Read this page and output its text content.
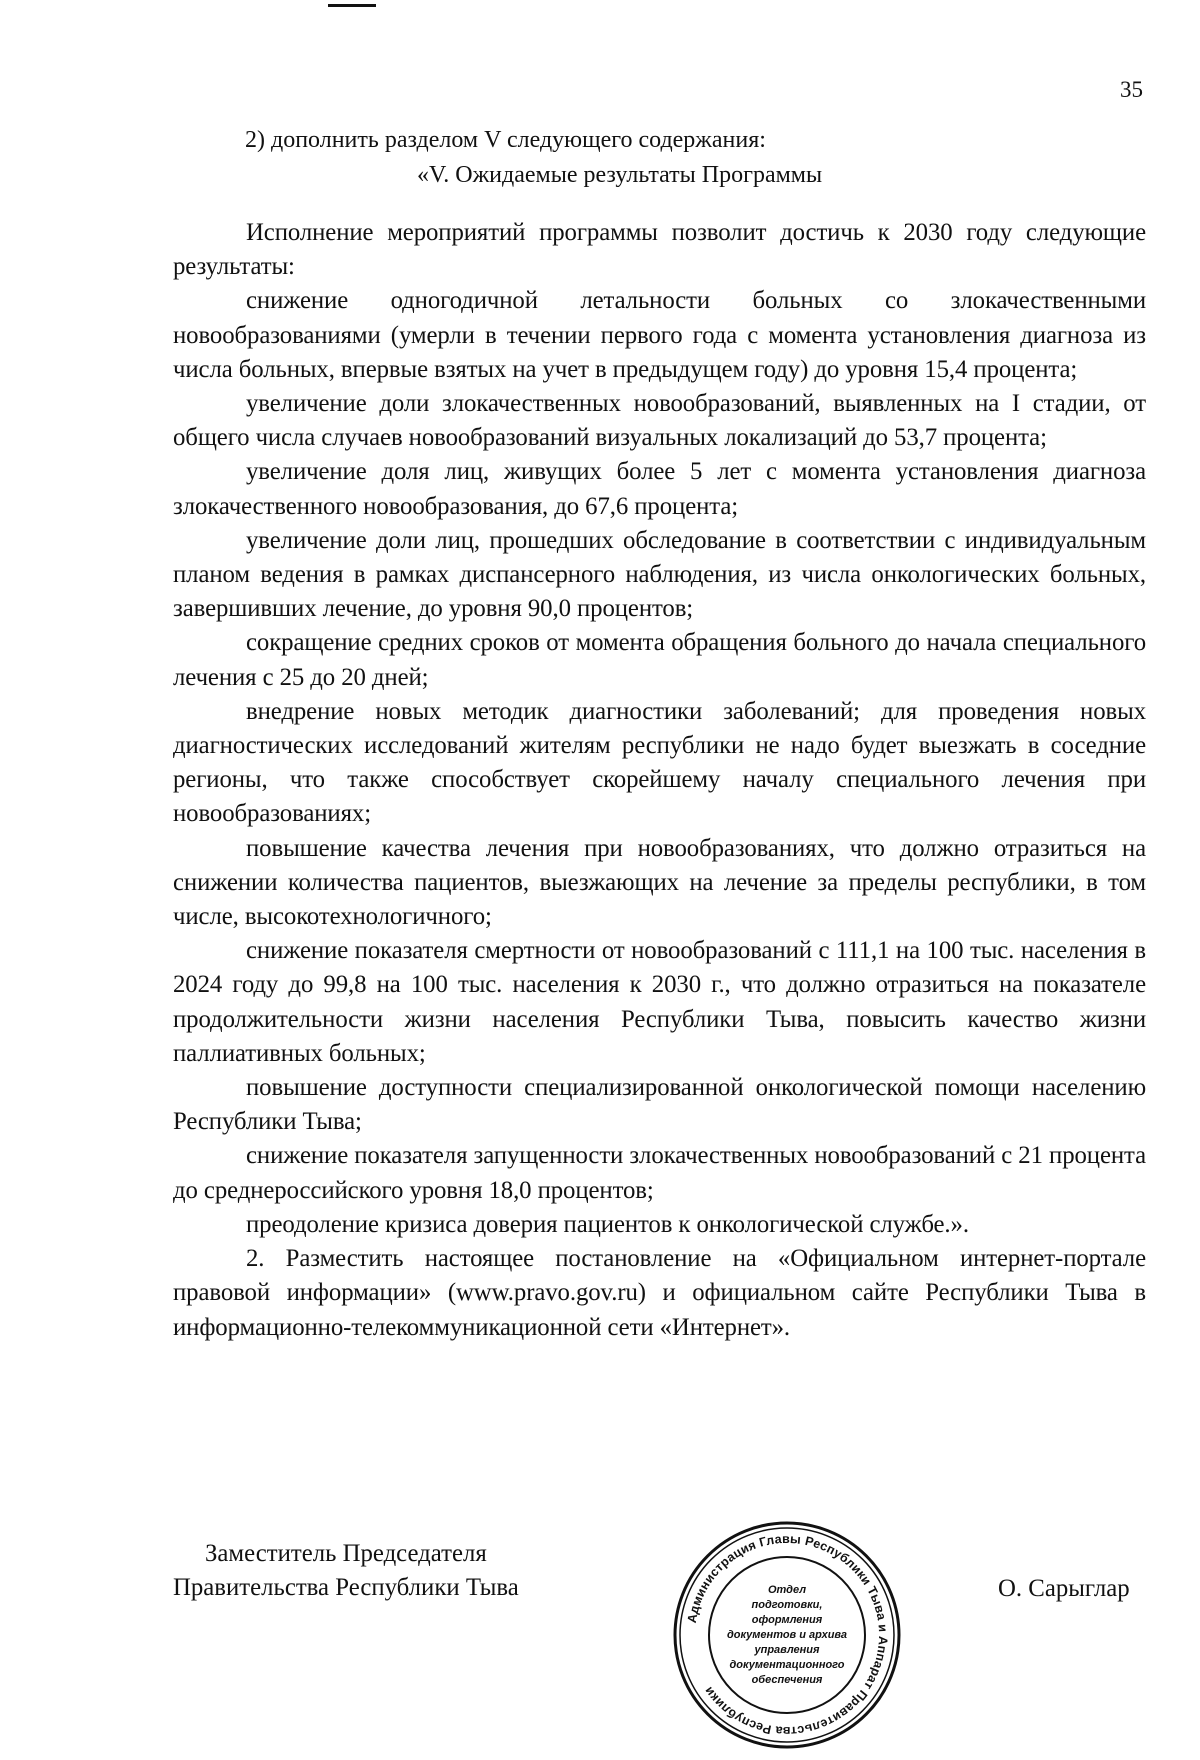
35
2) дополнить разделом V следующего содержания:
«V. Ожидаемые результаты Программы

Исполнение мероприятий программы позволит достичь к 2030 году следующие результаты:

снижение одногодичной летальности больных со злокачественными новообразованиями (умерли в течении первого года с момента установления диагноза из числа больных, впервые взятых на учет в предыдущем году) до уровня 15,4 процента;

увеличение доли злокачественных новообразований, выявленных на I стадии, от общего числа случаев новообразований визуальных локализаций до 53,7 процента;

увеличение доля лиц, живущих более 5 лет с момента установления диагноза злокачественного новообразования, до 67,6 процента;

увеличение доли лиц, прошедших обследование в соответствии с индивидуальным планом ведения в рамках диспансерного наблюдения, из числа онкологических больных, завершивших лечение, до уровня 90,0 процентов;

сокращение средних сроков от момента обращения больного до начала специального лечения с 25 до 20 дней;

внедрение новых методик диагностики заболеваний; для проведения новых диагностических исследований жителям республики не надо будет выезжать в соседние регионы, что также способствует скорейшему началу специального лечения при новообразованиях;

повышение качества лечения при новообразованиях, что должно отразиться на снижении количества пациентов, выезжающих на лечение за пределы республики, в том числе, высокотехнологичного;

снижение показателя смертности от новообразований с 111,1 на 100 тыс. населения в 2024 году до 99,8 на 100 тыс. населения к 2030 г., что должно отразиться на показателе продолжительности жизни населения Республики Тыва, повысить качество жизни паллиативных больных;

повышение доступности специализированной онкологической помощи населению Республики Тыва;

снижение показателя запущенности злокачественных новообразований с 21 процента до среднероссийского уровня 18,0 процентов;

преодоление кризиса доверия пациентов к онкологической службе.».

2. Разместить настоящее постановление на «Официальном интернет-портале правовой информации» (www.pravo.gov.ru) и официальном сайте Республики Тыва в информационно-телекоммуникационной сети «Интернет».

Заместитель Председателя
Правительства Республики Тыва	О. Сарыглар
Администрация Главы Республики Тыва и Аппарат Правительства Республики
Отдел
подготовки,
оформления
документов и архива
управления
документационного
обеспечения
